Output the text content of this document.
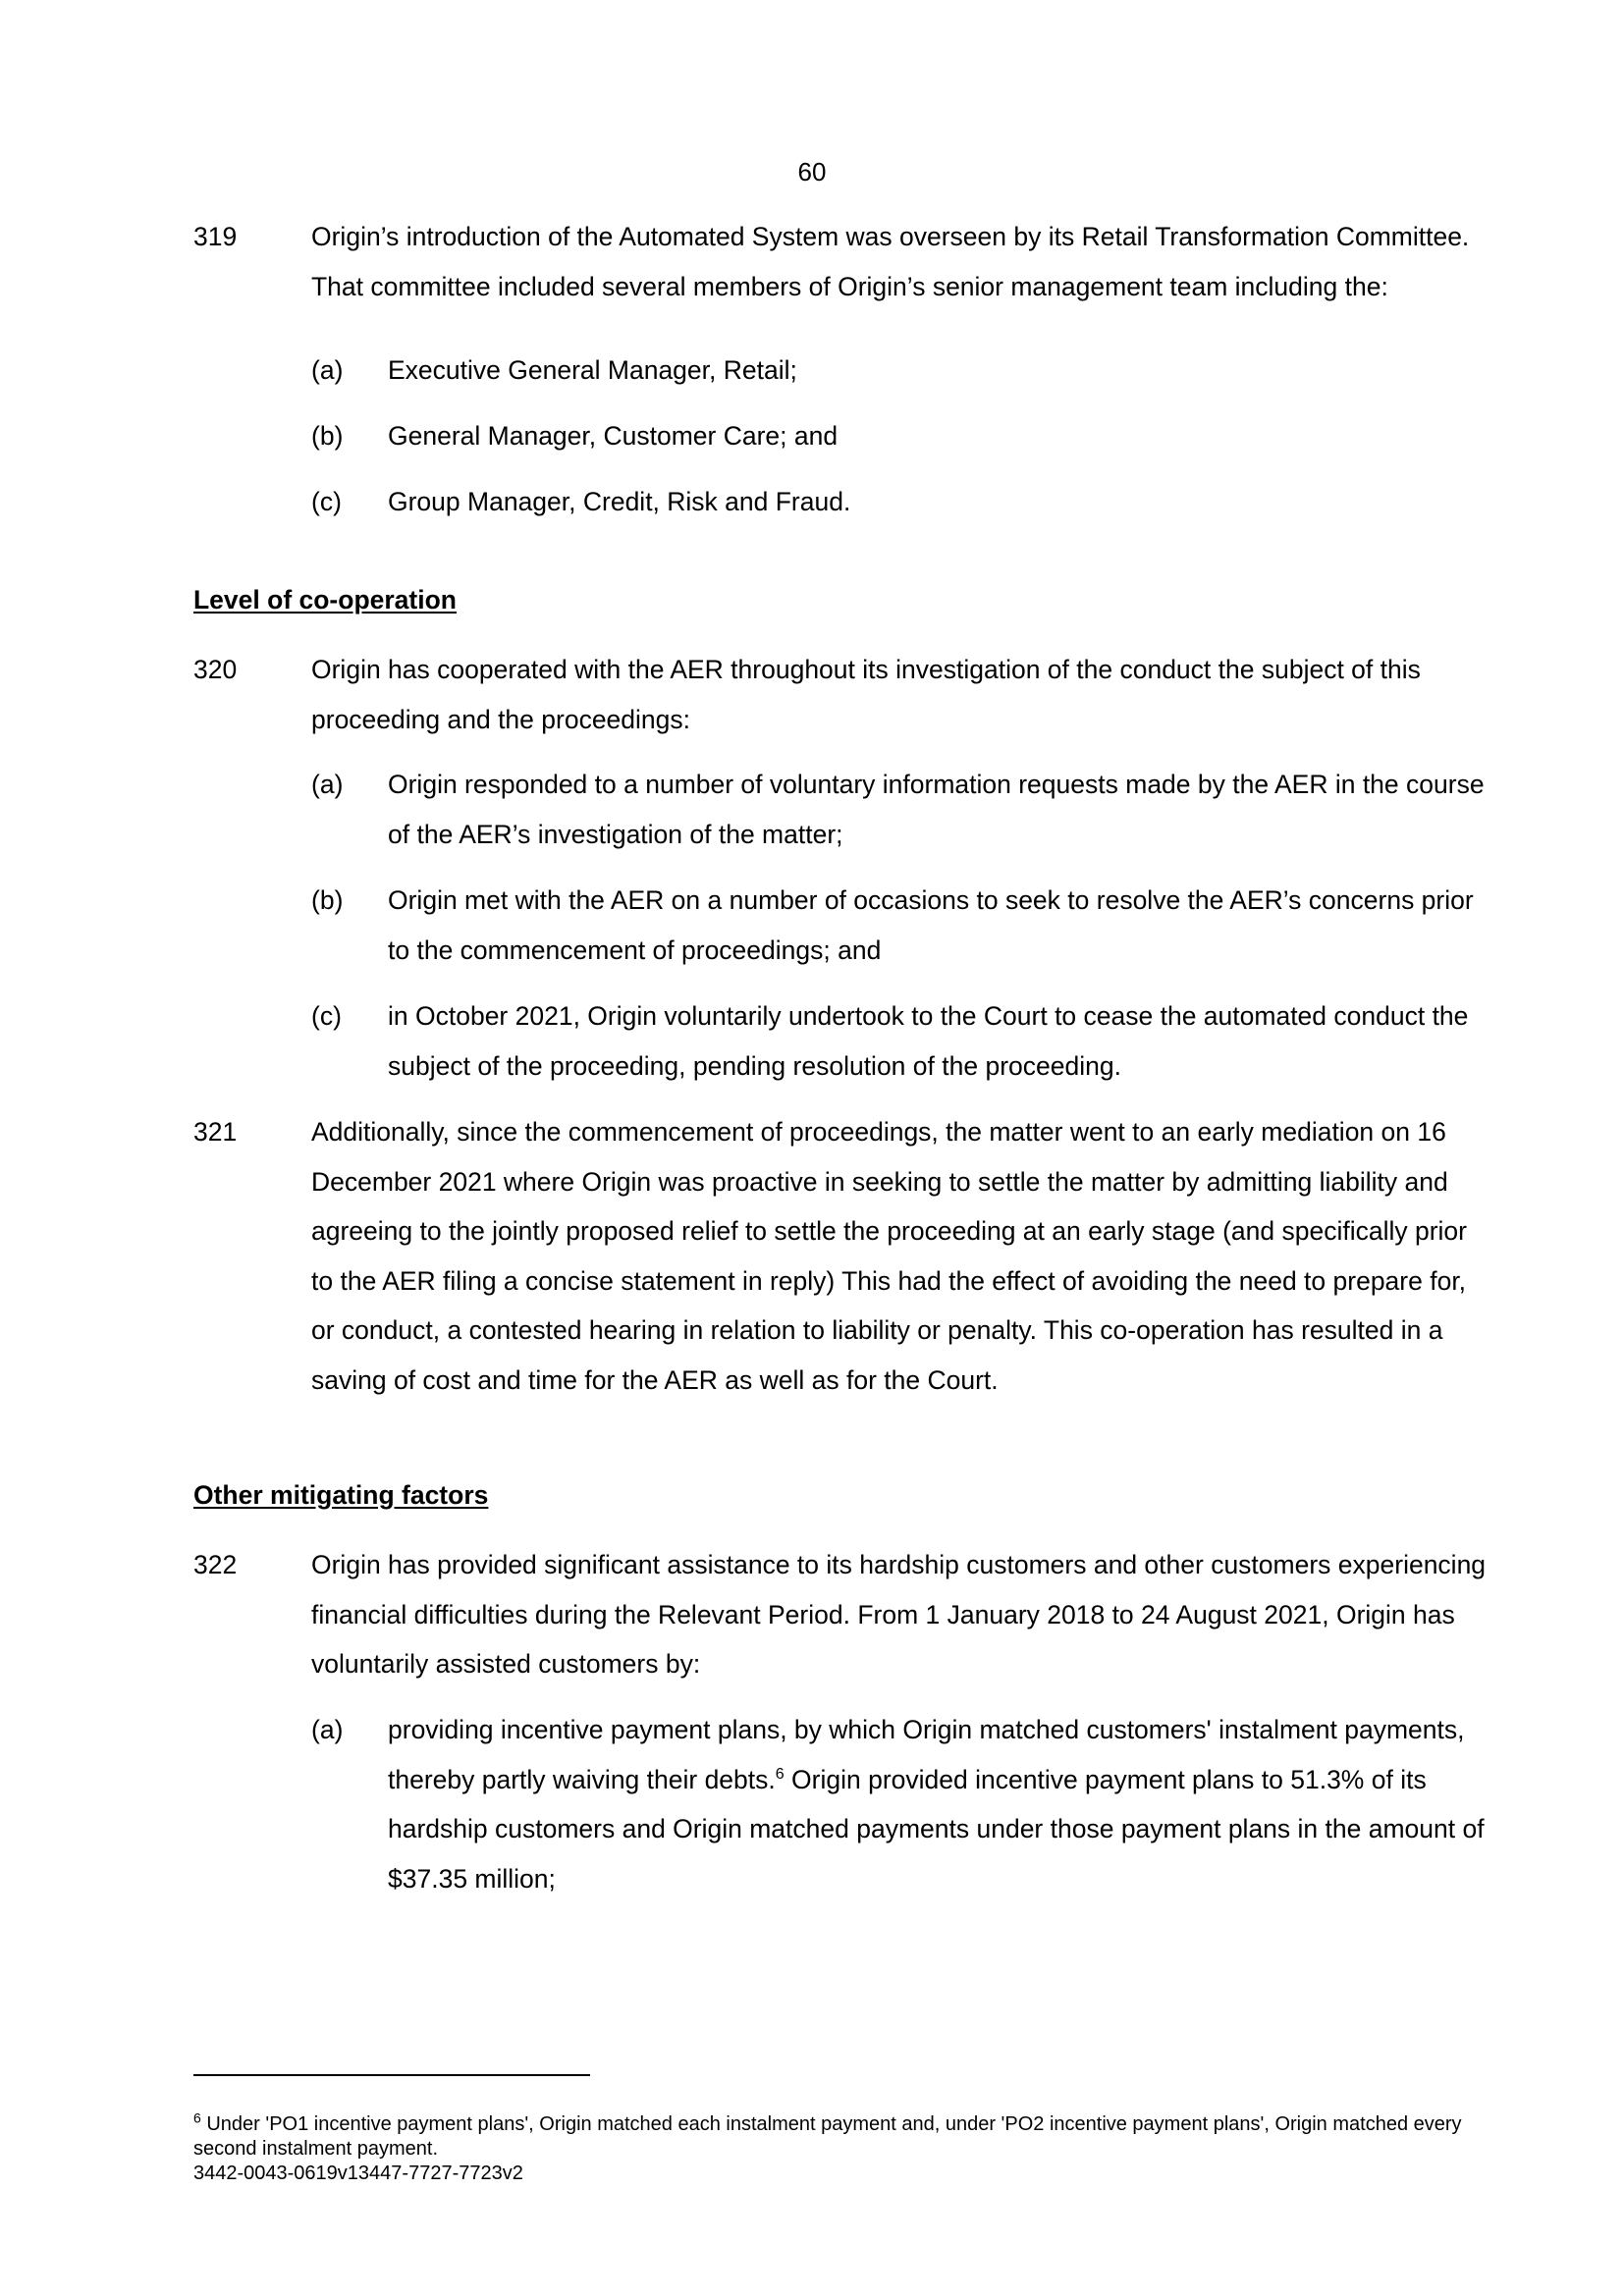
60
319	Origin’s introduction of the Automated System was overseen by its Retail Transformation Committee. That committee included several members of Origin’s senior management team including the:
(a) Executive General Manager, Retail;
(b) General Manager, Customer Care; and
(c) Group Manager, Credit, Risk and Fraud.
Level of co-operation
320	Origin has cooperated with the AER throughout its investigation of the conduct the subject of this proceeding and the proceedings:
(a) Origin responded to a number of voluntary information requests made by the AER in the course of the AER’s investigation of the matter;
(b) Origin met with the AER on a number of occasions to seek to resolve the AER’s concerns prior to the commencement of proceedings; and
(c) in October 2021, Origin voluntarily undertook to the Court to cease the automated conduct the subject of the proceeding, pending resolution of the proceeding.
321	Additionally, since the commencement of proceedings, the matter went to an early mediation on 16 December 2021 where Origin was proactive in seeking to settle the matter by admitting liability and agreeing to the jointly proposed relief to settle the proceeding at an early stage (and specifically prior to the AER filing a concise statement in reply) This had the effect of avoiding the need to prepare for, or conduct, a contested hearing in relation to liability or penalty. This co-operation has resulted in a saving of cost and time for the AER as well as for the Court.
Other mitigating factors
322	Origin has provided significant assistance to its hardship customers and other customers experiencing financial difficulties during the Relevant Period. From 1 January 2018 to 24 August 2021, Origin has voluntarily assisted customers by:
(a) providing incentive payment plans, by which Origin matched customers' instalment payments, thereby partly waiving their debts.$^6$ Origin provided incentive payment plans to 51.3% of its hardship customers and Origin matched payments under those payment plans in the amount of $37.35 million;
$^6$ Under 'PO1 incentive payment plans', Origin matched each instalment payment and, under 'PO2 incentive payment plans', Origin matched every second instalment payment.
3442-0043-0619v13447-7727-7723v2
